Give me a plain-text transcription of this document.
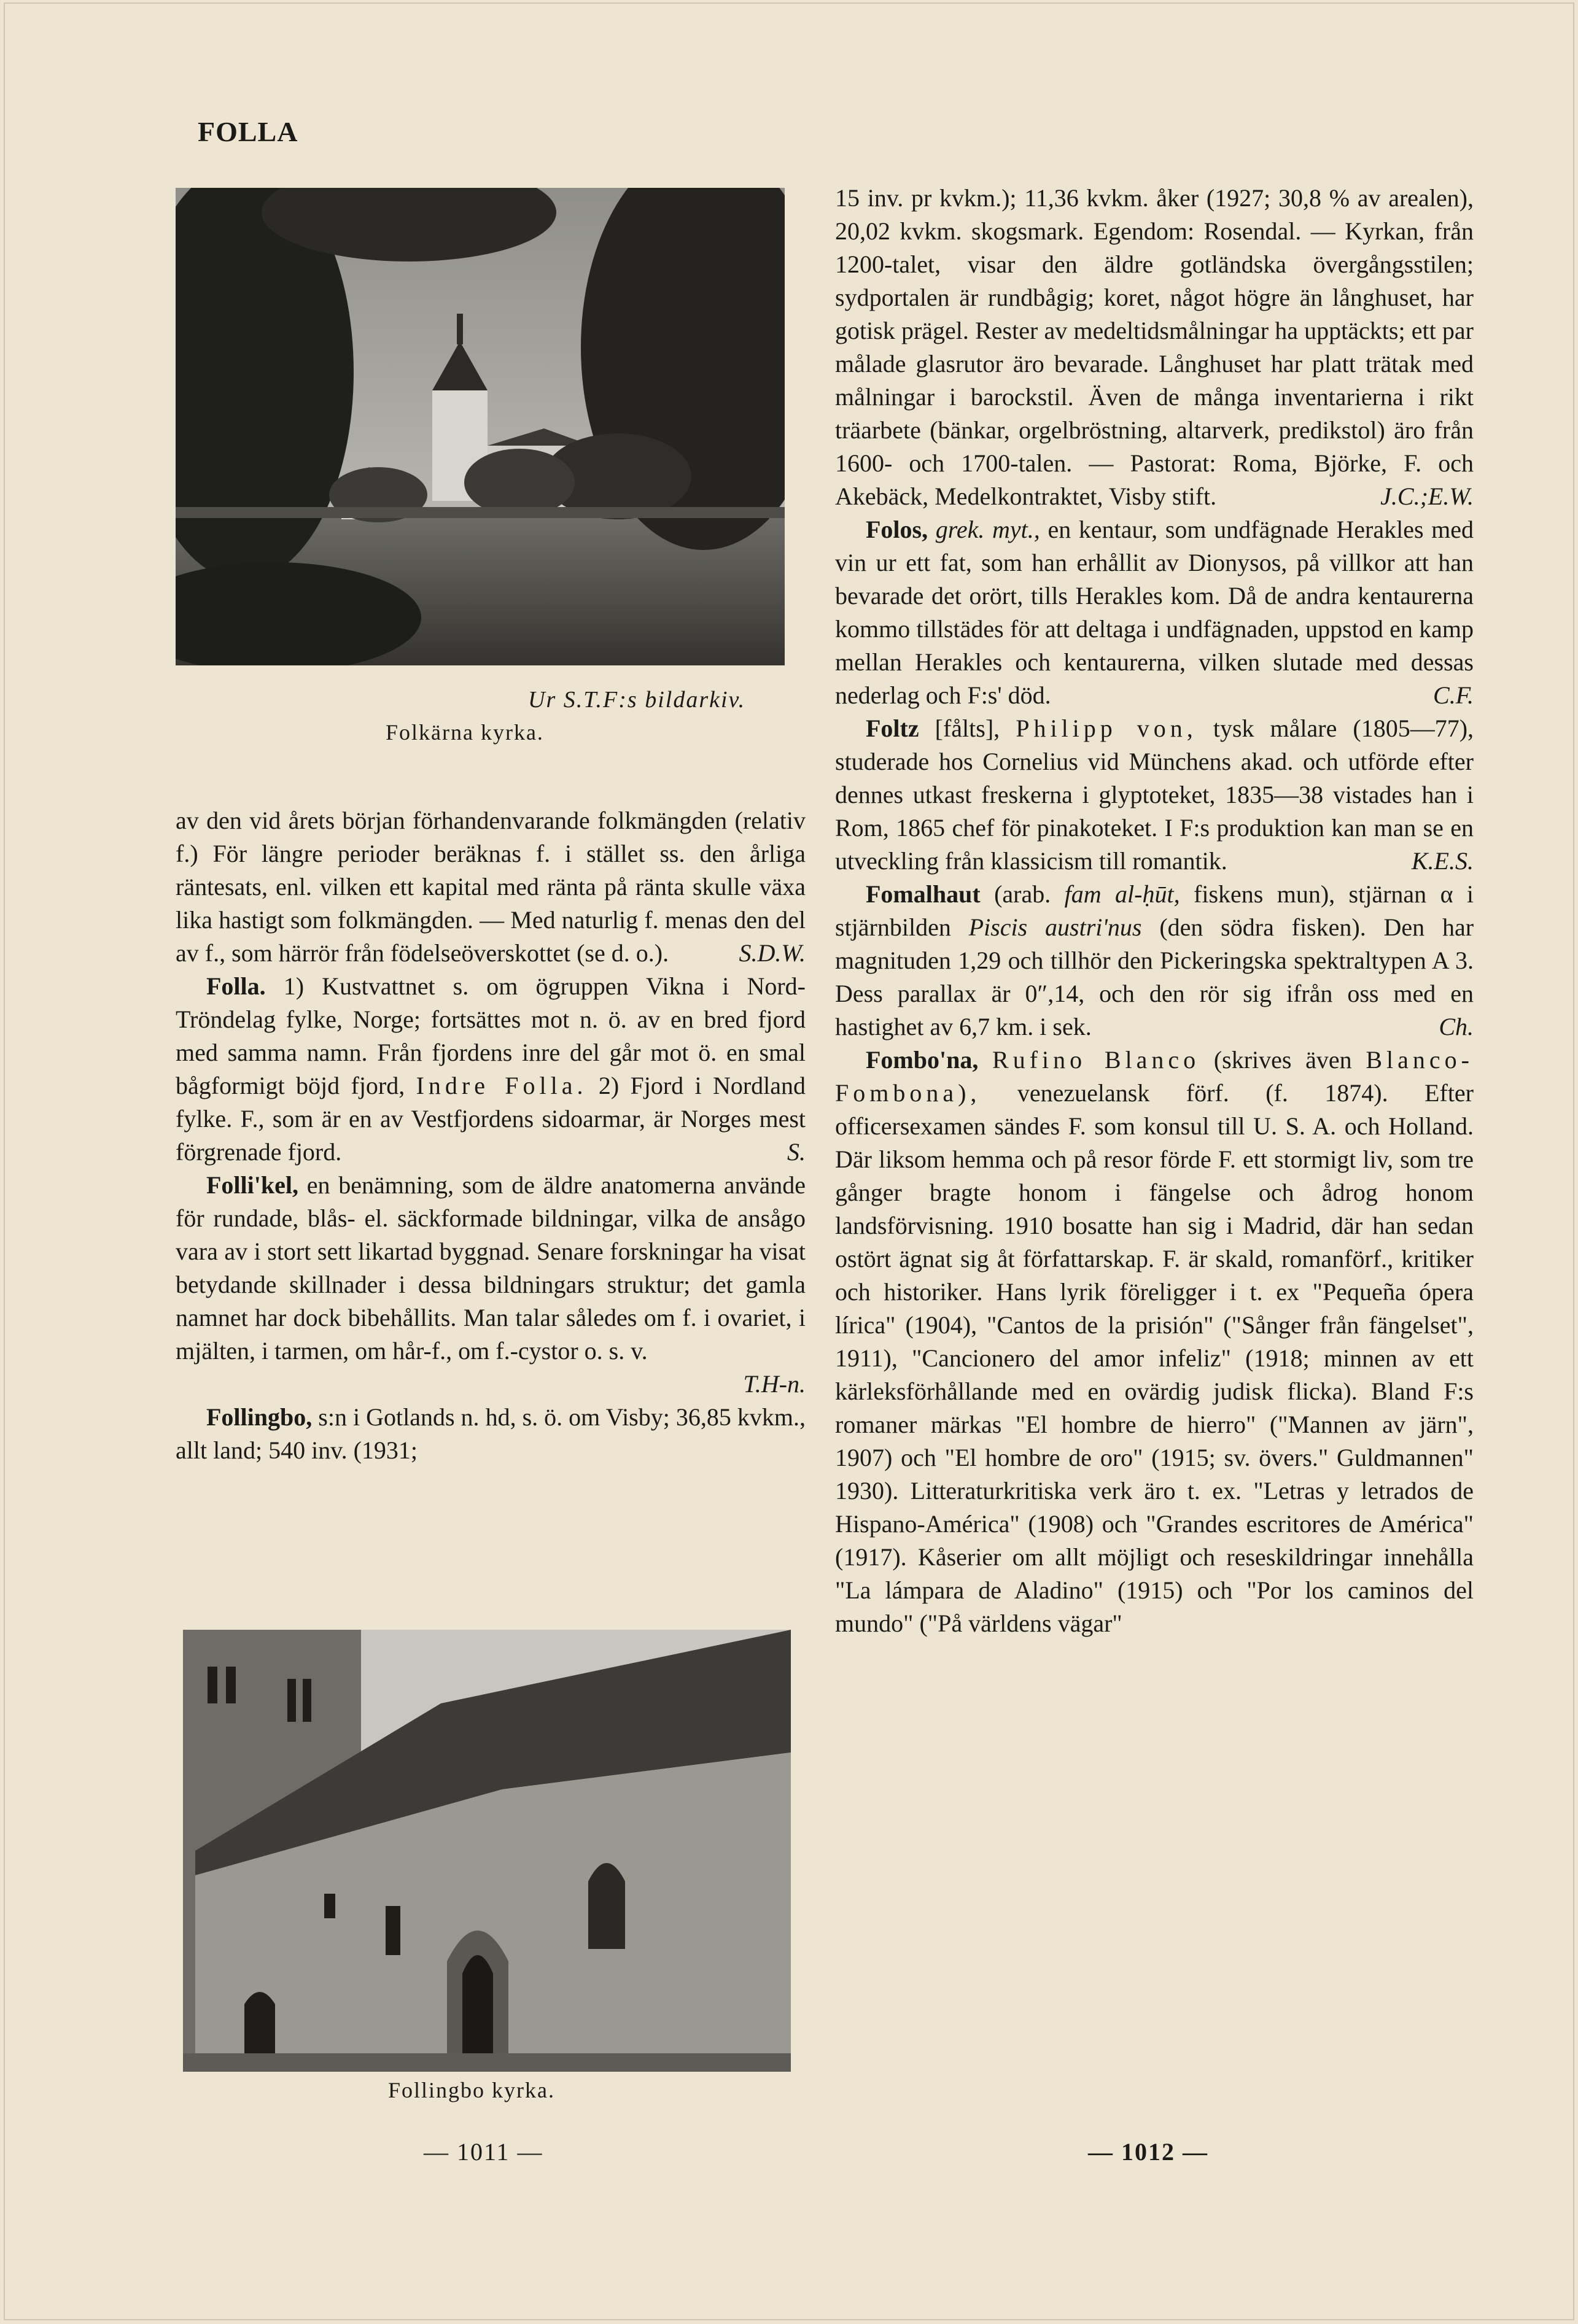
FOLLA
Ur S.T.F:s bildarkiv.
Folkärna kyrka.

av den vid årets början förhandenvarande folkmängden (relativ f.) För längre perioder beräknas f. i stället ss. den årliga räntesats, enl. vilken ett kapital med ränta på ränta skulle växa lika hastigt som folkmängden. — Med naturlig f. menas den del av f., som härrör från födelseöverskottet (se d. o.).	S.D.W.

Folla. 1) Kustvattnet s. om ögruppen Vikna i Nord-Tröndelag fylke, Norge; fortsättes mot n. ö. av en bred fjord med samma namn. Från fjordens inre del går mot ö. en smal bågformigt böjd fjord, Indre Folla. 2) Fjord i Nordland fylke. F., som är en av Vestfjordens sidoarmar, är Norges mest förgrenade fjord.	S.

Folli'kel, en benämning, som de äldre anatomerna använde för rundade, blås- el. säckformade bildningar, vilka de ansågo vara av i stort sett likartad byggnad. Senare forskningar ha visat betydande skillnader i dessa bildningars struktur; det gamla namnet har dock bibehållits. Man talar således om f. i ovariet, i mjälten, i tarmen, om hår-f., om f.-cystor o. s. v.
T.H-n.

Follingbo, s:n i Gotlands n. hd, s. ö. om Visby; 36,85 kvkm., allt land; 540 inv. (1931;

Follingbo kyrka.

15 inv. pr kvkm.); 11,36 kvkm. åker (1927; 30,8 % av arealen), 20,02 kvkm. skogsmark. Egendom: Rosendal. — Kyrkan, från 1200-talet, visar den äldre gotländska övergångsstilen; sydportalen är rundbågig; koret, något högre än långhuset, har gotisk prägel. Rester av medeltidsmålningar ha upptäckts; ett par målade glasrutor äro bevarade. Långhuset har platt trätak med målningar i barockstil. Även de många inventarierna i rikt träarbete (bänkar, orgelbröstning, altarverk, predikstol) äro från 1600- och 1700-talen. — Pastorat: Roma, Björke, F. och Akebäck, Medelkontraktet, Visby stift.	J.C.;E.W.

Folos, grek. myt., en kentaur, som undfägnade Herakles med vin ur ett fat, som han erhållit av Dionysos, på villkor att han bevarade det orört, tills Herakles kom. Då de andra kentaurerna kommo tillstädes för att deltaga i undfägnaden, uppstod en kamp mellan Herakles och kentaurerna, vilken slutade med dessas nederlag och F:s' död.	C.F.

Foltz [fålts], Philipp von, tysk målare (1805—77), studerade hos Cornelius vid Münchens akad. och utförde efter dennes utkast freskerna i glyptoteket, 1835—38 vistades han i Rom, 1865 chef för pinakoteket. I F:s produktion kan man se en utveckling från klassicism till romantik.	K.E.S.

Fomalhaut (arab. fam al-ḥūt, fiskens mun), stjärnan α i stjärnbilden Piscis austri'nus (den södra fisken). Den har magnituden 1,29 och tillhör den Pickeringska spektraltypen A 3. Dess parallax är 0″,14, och den rör sig ifrån oss med en hastighet av 6,7 km. i sek.	Ch.

Fombo'na, Rufino Blanco (skrives även Blanco-Fombona), venezuelansk förf. (f. 1874). Efter officersexamen sändes F. som konsul till U. S. A. och Holland. Där liksom hemma och på resor förde F. ett stormigt liv, som tre gånger bragte honom i fängelse och ådrog honom landsförvisning. 1910 bosatte han sig i Madrid, där han sedan ostört ägnat sig åt författarskap. F. är skald, romanförf., kritiker och historiker. Hans lyrik föreligger i t. ex "Pequeña ópera lírica" (1904), "Cantos de la prisión" ("Sånger från fängelset", 1911), "Cancionero del amor infeliz" (1918; minnen av ett kärleksförhållande med en ovärdig judisk flicka). Bland F:s romaner märkas "El hombre de hierro" ("Mannen av järn", 1907) och "El hombre de oro" (1915; sv. övers." Guldmannen" 1930). Litteraturkritiska verk äro t. ex. "Letras y letrados de Hispano-América" (1908) och "Grandes escritores de América" (1917). Kåserier om allt möjligt och reseskildringar innehålla "La lámpara de Aladino" (1915) och "Por los caminos del mundo" ("På världens vägar"

— 1011 —	— 1012 —
